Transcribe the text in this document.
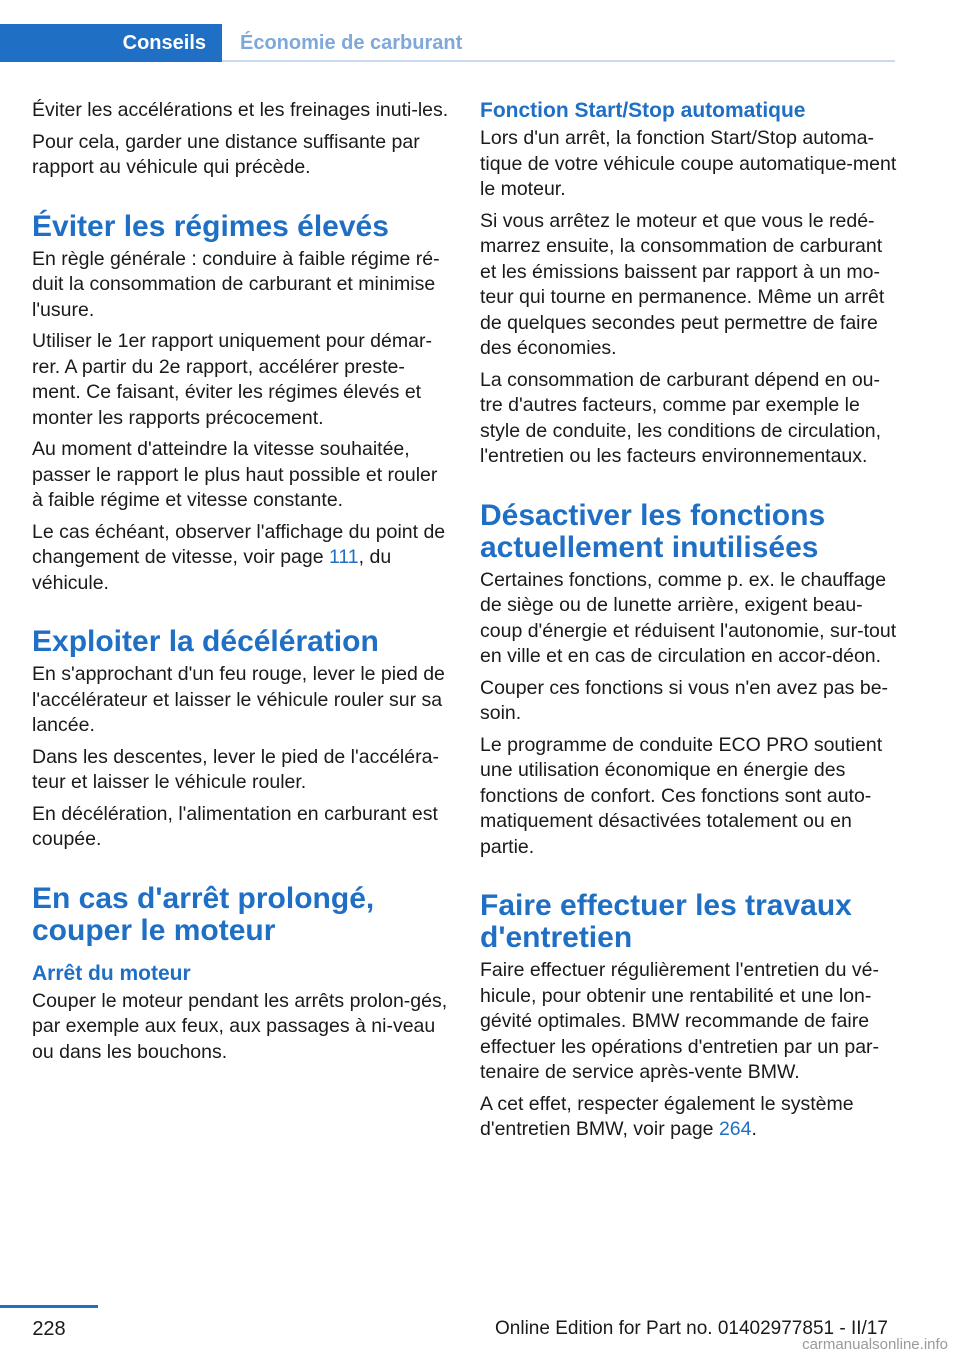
Conseils	Économie de carburant

Éviter les accélérations et les freinages inuti‐les.

Pour cela, garder une distance suffisante par rapport au véhicule qui précède.

Éviter les régimes élevés

En règle générale : conduire à faible régime ré‐duit la consommation de carburant et minimise l'usure.

Utiliser le 1er rapport uniquement pour démar‐rer. A partir du 2e rapport, accélérer preste‐ment. Ce faisant, éviter les régimes élevés et monter les rapports précocement.

Au moment d'atteindre la vitesse souhaitée, passer le rapport le plus haut possible et rouler à faible régime et vitesse constante.

Le cas échéant, observer l'affichage du point de changement de vitesse, voir page 111, du véhicule.

Exploiter la décélération

En s'approchant d'un feu rouge, lever le pied de l'accélérateur et laisser le véhicule rouler sur sa lancée.

Dans les descentes, lever le pied de l'accéléra‐teur et laisser le véhicule rouler.

En décélération, l'alimentation en carburant est coupée.

En cas d'arrêt prolongé, couper le moteur
Arrêt du moteur

Couper le moteur pendant les arrêts prolon‐gés, par exemple aux feux, aux passages à ni‐veau ou dans les bouchons.

Fonction Start/Stop automatique

Lors d'un arrêt, la fonction Start/Stop automa‐tique de votre véhicule coupe automatique‐ment le moteur.

Si vous arrêtez le moteur et que vous le redé‐marrez ensuite, la consommation de carburant et les émissions baissent par rapport à un mo‐teur qui tourne en permanence. Même un arrêt de quelques secondes peut permettre de faire des économies.

La consommation de carburant dépend en ou‐tre d'autres facteurs, comme par exemple le style de conduite, les conditions de circulation, l'entretien ou les facteurs environnementaux.

Désactiver les fonctions actuellement inutilisées

Certaines fonctions, comme p. ex. le chauffage de siège ou de lunette arrière, exigent beau‐coup d'énergie et réduisent l'autonomie, sur‐tout en ville et en cas de circulation en accor‐déon.

Couper ces fonctions si vous n'en avez pas be‐soin.

Le programme de conduite ECO PRO soutient une utilisation économique en énergie des fonctions de confort. Ces fonctions sont auto‐matiquement désactivées totalement ou en partie.

Faire effectuer les travaux d'entretien

Faire effectuer régulièrement l'entretien du vé‐hicule, pour obtenir une rentabilité et une lon‐gévité optimales. BMW recommande de faire effectuer les opérations d'entretien par un par‐tenaire de service après-vente BMW.

A cet effet, respecter également le système d'entretien BMW, voir page 264.

228	Online Edition for Part no. 01402977851 - II/17
carmanualsonline.info
